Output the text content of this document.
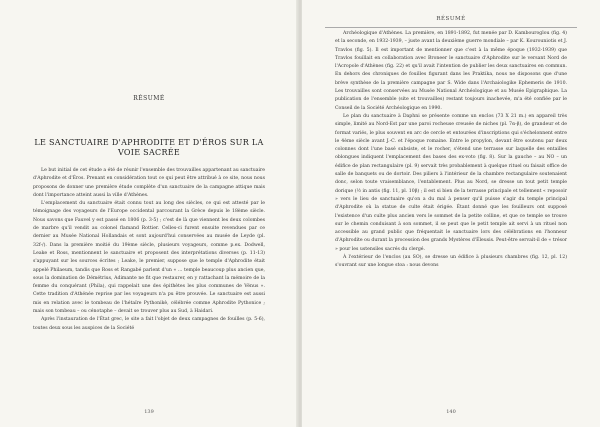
RÉSUMÉ
LE SANCTUAIRE D'APHRODITE ET D'ÉROS SUR LA VOIE SACRÉE

Le but initial de cet étude a été de réunir l'ensemble des trouvailles appartenant au sanctuaire d'Aphrodite et d'Éros. Prenant en considération tout ce qui peut être attribué à ce site, nous nous proposons de donner une première étude complète d'un sanctuaire de la campagne attique mais dont l'importance atteint aussi la ville d'Athènes.

L'emplacement du sanctuaire était connu tout au long des siècles, ce qui est attesté par le témoignage des voyageurs de l'Europe occidental parcourant la Grèce depuis le 18ème siècle. Nous savons que Fauvel y est passé en 1806 (p. 3-5) ; c'est de là que viennent les deux colombes de marbre qu'il vendit au colonel flamand Rottier. Celles-ci furent ensuite revendues par ce dernier au Musée National Hollandais et sont aujourd'hui conservées au musée de Leyde (pl. 32f-/). Dans la première moitié du 19ème siècle, plusieurs voyageurs, comme p.ex. Dodwell, Leake et Ross, mentionnent le sanctuaire et proposent des interprétations diverses (p. 11-13) s'appuyant sur les sources écrites ; Leake, le premier, suppose que le temple d'Aphrodite était appelé Philaeum, tandis que Ross et Rangabé parlent d'un « ... temple beaucoup plus ancien que, sous la domination de Démétrius, Adimante ne fit que restaurer, en y rattachant la mémoire de la femme du conquérant (Phila), qui rappelait une des épithètes les plus communes de Vénus ». Cette tradition d'Athénée reprise par les voyageurs n'a pu être prouvée. Le sanctuaire est aussi mis en relation avec le tombeau de l'hétaïre Pythonikè, célébrée comme Aphrodite Pythonice ; mais son tombeau – ou cénotaphe – devait se trouver plus au Sud, à Haidari.

Après l'instauration de l'État grec, le site a fait l'objet de deux campagnes de fouilles (p. 5-6), toutes deux sous les auspices de la Société

139
RÉSUMÉ

Archéologique d'Athènes. La première, en 1891-1892, fut menée par D. Kambouroglou (fig. 4) et la seconde, en 1932-1939, – juste avant la deuxième guerre mondiale – par K. Kourouniotis et J. Travlos (fig. 5). Il est important de mentionner que c'est à la même époque (1932-1939) que Travlos fouillait en collaboration avec Broneer le sanctuaire d'Aphrodite sur le versant Nord de l'Acropole d'Athènes (fig. 22) et qu'il avait l'intention de publier les deux sanctuaires en commun. En dehors des chroniques de fouilles figurant dans les Praktika, nous ne disposons que d'une brève synthèse de la première campagne par S. Wide dans l'Archaiologike Ephemeris de 1910. Les trouvailles sont conservées au Musée National Archéologique et au Musée Epigraphique. La publication de l'ensemble (site et trouvailles) restant toujours inachevée, m'a été confiée par le Conseil de la Société Archéologique en 1990.

Le plan du sanctuaire à Daphni se présente comme un enclos (73 X 21 m.) en appareil très simple, limité au Nord-Est par une paroi rocheuse creusée de niches (pl. 7α-β), de grandeur et de format variés, le plus souvent en arc de cercle et entourées d'inscriptions qui s'échelonnent entre le 4ème siècle avant J.-C. et l'époque romaine. Entre le propylon, devant être soutenu par deux colonnes dont l'une basé subsiste, et le rocher, s'étend une terrasse sur laquelle des entailles oblongues indiquent l'emplacement des bases des ex-voto (fig. 8). Sur la gauche – au NO – un édifice de plan rectangulaire (pl. 9) servait très probablement à quelque rituel ou faisait office de salle de banquets ou de dortoir. Des piliers à l'intérieur de la chambre rectangulaire soutenaient donc, selon toute vraisemblance, l'entablement. Plus au Nord, se dresse un tout petit temple dorique (½ in antis (fig. 11, pl. 10β) ; il est si bien de la terrasse principale et tellement « reposoir » vers le lieu de sanctuaire qu'on a du mal à penser qu'il puisse s'agir du temple principal d'Aphrodite où la statue de culte était érigée. Étant donné que les fouilleurs ont supposé l'existence d'un culte plus ancien vers le sommet de la petite colline, et que ce temple se trouve sur le chemin conduisant à son sommet, il se peut que le petit temple ait servi à un rituel non accessible au grand public que fréquentait le sanctuaire lors des célébrations en l'honneur d'Aphrodite ou durant la procession des grands Mystères d'Éleusis. Peut-être servait-il de « trésor » pour les ustensiles sacrés du clergé.

À l'extérieur de l'enclos (au SO), se dresse un édifice à plusieurs chambres (fig. 12, pl. 12) s'ouvrant sur une longue stoa : nous devons

140
